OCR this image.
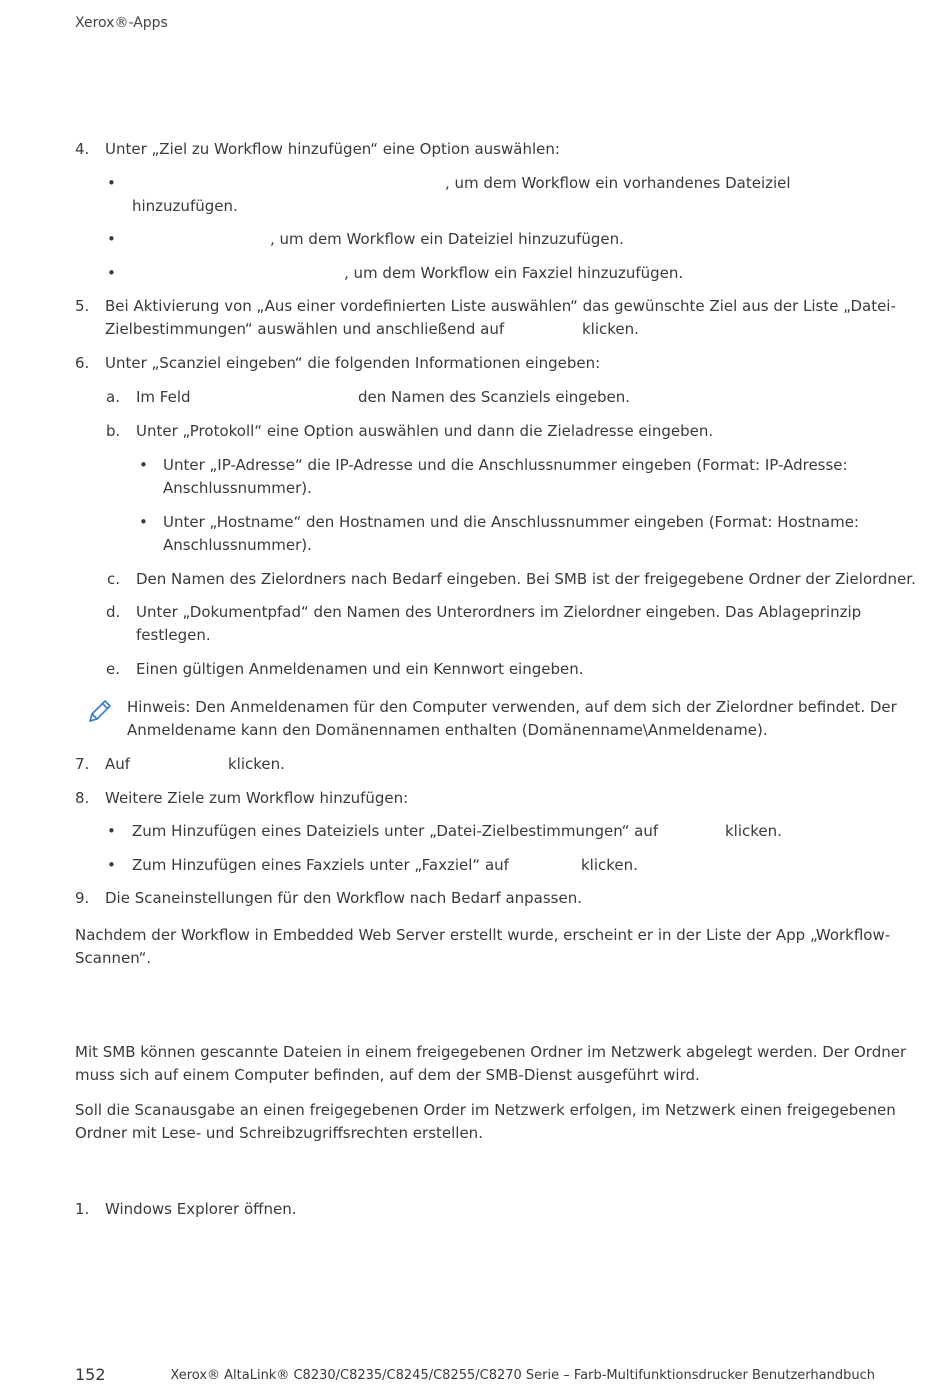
Xerox®-Apps
4. Unter „Ziel zu Workflow hinzufügen“ eine Option auswählen:
•	, um dem Workflow ein vorhandenes Dateiziel
hinzuzufügen.
•	, um dem Workflow ein Dateiziel hinzuzufügen.
•	, um dem Workflow ein Faxziel hinzuzufügen.
5. Bei Aktivierung von „Aus einer vordefinierten Liste auswählen“ das gewünschte Ziel aus der Liste „Datei-
Zielbestimmungen“ auswählen und anschließend auf	klicken.
6. Unter „Scanziel eingeben“ die folgenden Informationen eingeben:
a. Im Feld	den Namen des Scanziels eingeben.
b. Unter „Protokoll“ eine Option auswählen und dann die Zieladresse eingeben.
• Unter „IP-Adresse“ die IP-Adresse und die Anschlussnummer eingeben (Format: IP-Adresse:
Anschlussnummer).
• Unter „Hostname“ den Hostnamen und die Anschlussnummer eingeben (Format: Hostname:
Anschlussnummer).
c. Den Namen des Zielordners nach Bedarf eingeben. Bei SMB ist der freigegebene Ordner der Zielordner.
d. Unter „Dokumentpfad“ den Namen des Unterordners im Zielordner eingeben. Das Ablageprinzip
festlegen.
e. Einen gültigen Anmeldenamen und ein Kennwort eingeben.
Hinweis: Den Anmeldenamen für den Computer verwenden, auf dem sich der Zielordner befindet. Der
Anmeldename kann den Domänennamen enthalten (Domänenname\Anmeldename).
7. Auf	klicken.
8. Weitere Ziele zum Workflow hinzufügen:
• Zum Hinzufügen eines Dateiziels unter „Datei-Zielbestimmungen“ auf	klicken.
• Zum Hinzufügen eines Faxziels unter „Faxziel“ auf	klicken.
9. Die Scaneinstellungen für den Workflow nach Bedarf anpassen.
Nachdem der Workflow in Embedded Web Server erstellt wurde, erscheint er in der Liste der App „Workflow-
Scannen“.
Mit SMB können gescannte Dateien in einem freigegebenen Ordner im Netzwerk abgelegt werden. Der Ordner
muss sich auf einem Computer befinden, auf dem der SMB-Dienst ausgeführt wird.
Soll die Scanausgabe an einen freigegebenen Order im Netzwerk erfolgen, im Netzwerk einen freigegebenen
Ordner mit Lese- und Schreibzugriffsrechten erstellen.
1. Windows Explorer öffnen.
152	Xerox® AltaLink® C8230/C8235/C8245/C8255/C8270 Serie – Farb-Multifunktionsdrucker Benutzerhandbuch
